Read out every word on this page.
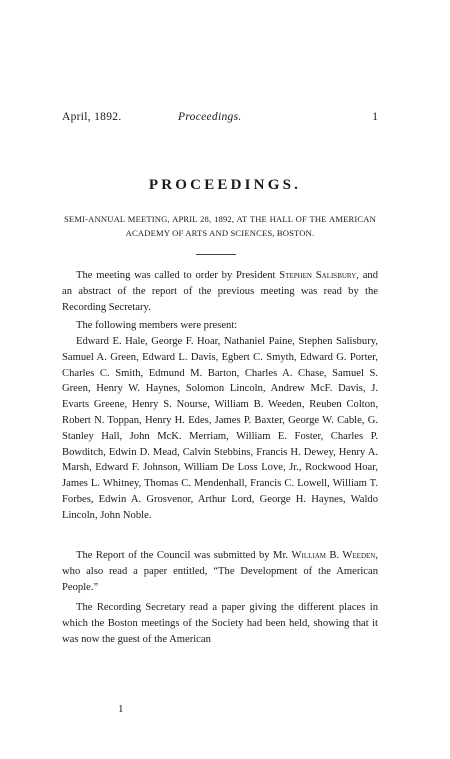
April, 1892.	Proceedings.	1
PROCEEDINGS.
SEMI-ANNUAL MEETING, APRIL 28, 1892, AT THE HALL OF THE AMERICAN ACADEMY OF ARTS AND SCIENCES, BOSTON.

The meeting was called to order by President Stephen Salisbury, and an abstract of the report of the previous meeting was read by the Recording Secretary.

The following members were present:

Edward E. Hale, George F. Hoar, Nathaniel Paine, Stephen Salisbury, Samuel A. Green, Edward L. Davis, Egbert C. Smyth, Edward G. Porter, Charles C. Smith, Edmund M. Barton, Charles A. Chase, Samuel S. Green, Henry W. Haynes, Solomon Lincoln, Andrew McF. Davis, J. Evarts Greene, Henry S. Nourse, William B. Weeden, Reuben Colton, Robert N. Toppan, Henry H. Edes, James P. Baxter, George W. Cable, G. Stanley Hall, John McK. Merriam, William E. Foster, Charles P. Bowditch, Edwin D. Mead, Calvin Stebbins, Francis H. Dewey, Henry A. Marsh, Edward F. Johnson, William De Loss Love, Jr., Rockwood Hoar, James L. Whitney, Thomas C. Mendenhall, Francis C. Lowell, William T. Forbes, Edwin A. Grosvenor, Arthur Lord, George H. Haynes, Waldo Lincoln, John Noble.

The Report of the Council was submitted by Mr. William B. Weeden, who also read a paper entitled, “The Development of the American People.”

The Recording Secretary read a paper giving the different places in which the Boston meetings of the Society had been held, showing that it was now the guest of the American

1
